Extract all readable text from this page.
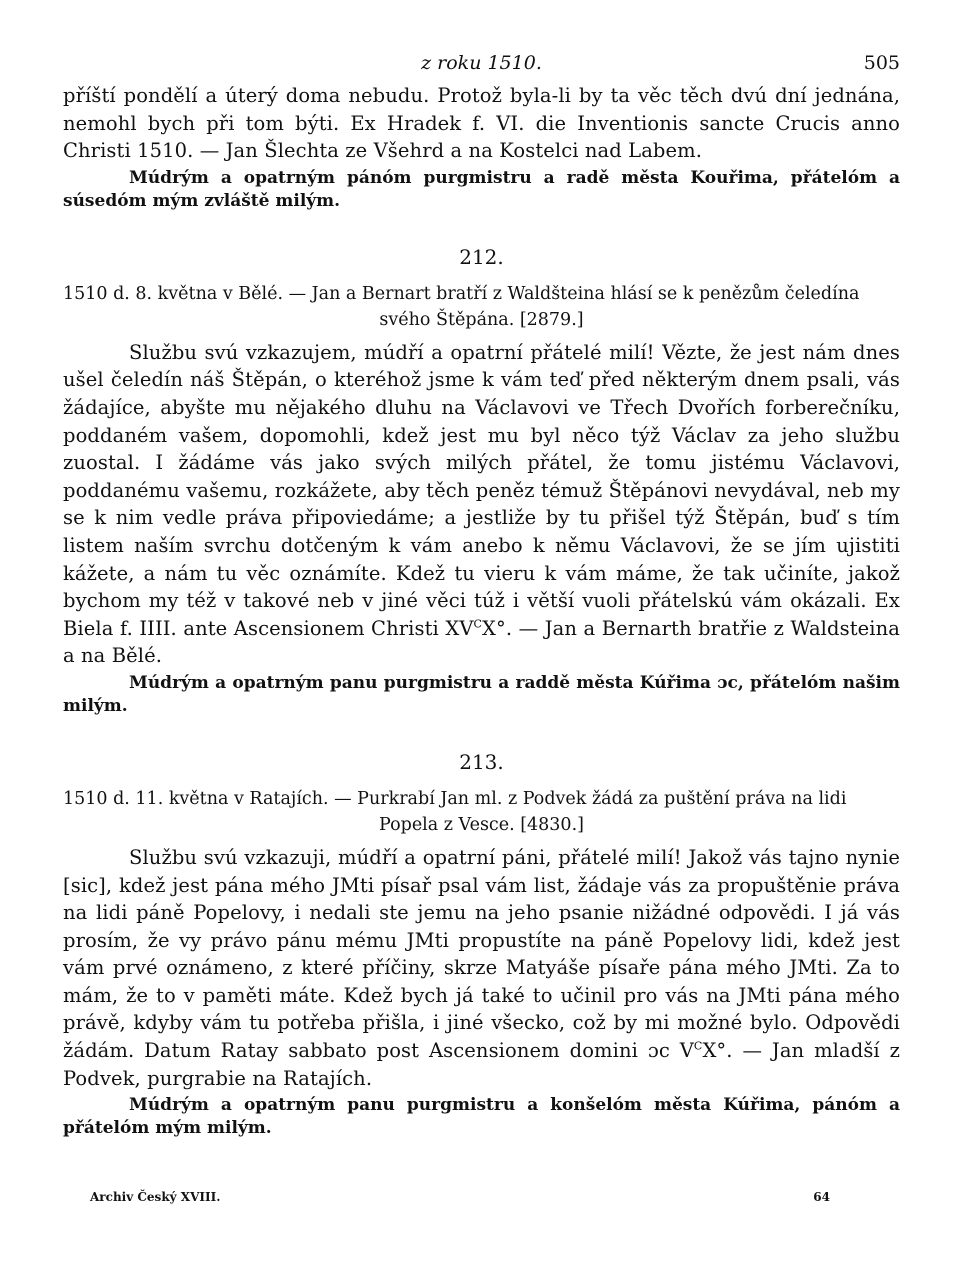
z roku 1510.	505

příští pondělí a úterý doma nebudu. Protož byla-li by ta věc těch dvú dní jednána, nemohl bych při tom býti. Ex Hradek f. VI. die Inventionis sancte Crucis anno Christi 1510. — Jan Šlechta ze Všehrd a na Kostelci nad Labem.

Múdrým a opatrným pánóm purgmistru a radě města Kouřima, přátelóm a súsedóm mým zvláště milým.

212.

1510 d. 8. května v Bělé. — Jan a Bernart bratří z Waldšteina hlásí se k penězům čeledína
svého Štěpána. [2879.]

Službu svú vzkazujem, múdří a opatrní přátelé milí! Vězte, že jest nám dnes ušel čeledín náš Štěpán, o kteréhož jsme k vám teď před některým dnem psali, vás žádajíce, abyšte mu nějakého dluhu na Václavovi ve Třech Dvořích forberečníku, poddaném vašem, dopomohli, kdež jest mu byl něco týž Václav za jeho službu zuostal. I žádáme vás jako svých milých přátel, že tomu jistému Václavovi, poddanému vašemu, rozkážete, aby těch peněz témuž Štěpánovi nevydával, neb my se k nim vedle práva připoviedáme; a jestliže by tu přišel týž Štěpán, buď s tím listem naším svrchu dotčeným k vám anebo k němu Václavovi, že se jím ujistiti kážete, a nám tu věc oznámíte. Kdež tu vieru k vám máme, že tak učiníte, jakož bychom my též v takové neb v jiné věci túž i větší vuoli přátelskú vám okázali. Ex Biela f. IIII. ante Ascensionem Christi $XV^CX^\circ$. — Jan a Bernarth bratřie z Waldsteina a na Bělé.

Múdrým a opatrným panu purgmistru a raddě města Kúřima ɔc, přátelóm našim milým.

213.

1510 d. 11. května v Ratajích. — Purkrabí Jan ml. z Podvek žádá za puštění práva na lidi
Popela z Vesce. [4830.]

Službu svú vzkazuji, múdří a opatrní páni, přátelé milí! Jakož vás tajno nynie [sic], kdež jest pána mého JMti písař psal vám list, žádaje vás za propuštěnie práva na lidi páně Popelovy, i nedali ste jemu na jeho psanie nižádné odpovědi. I já vás prosím, že vy právo pánu mému JMti propustíte na páně Popelovy lidi, kdež jest vám prvé oznámeno, z které příčiny, skrze Matyáše písaře pána mého JMti. Za to mám, že to v paměti máte. Kdež bych já také to učinil pro vás na JMti pána mého právě, kdyby vám tu potřeba přišla, i jiné všecko, což by mi možné bylo. Odpovědi žádám. Datum Ratay sabbato post Ascensionem domini ɔc $V^CX^\circ$. — Jan mladší z Podvek, purgrabie na Ratajích.

Múdrým a opatrným panu purgmistru a konšelóm města Kúřima, pánóm a přátelóm mým milým.

Archiv Český XVIII.	64
